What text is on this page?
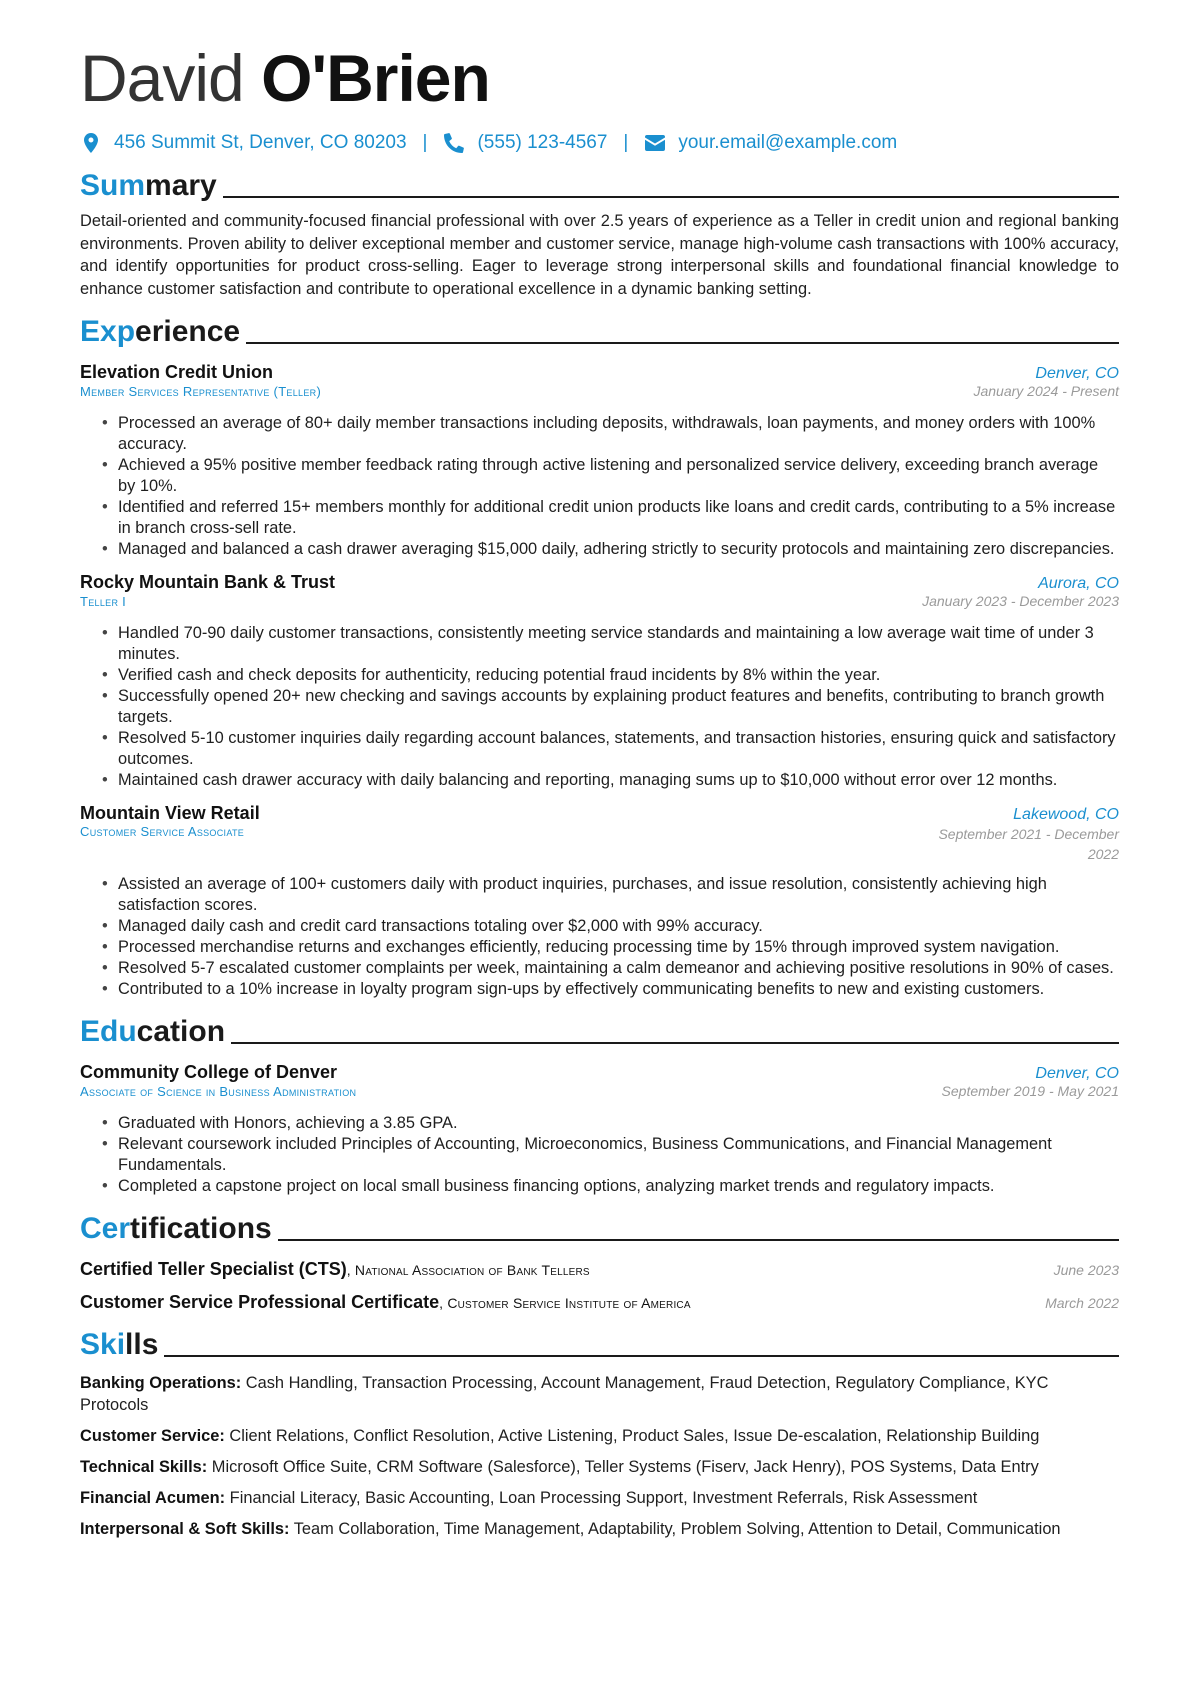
David O'Brien
456 Summit St, Denver, CO 80203 |	(555) 123-4567 |	your.email@example.com
Summary
Detail-oriented and community-focused financial professional with over 2.5 years of experience as a Teller in credit union and regional banking environments. Proven ability to deliver exceptional member and customer service, manage high-volume cash transactions with 100% accuracy, and identify opportunities for product cross-selling. Eager to leverage strong interpersonal skills and foundational financial knowledge to enhance customer satisfaction and contribute to operational excellence in a dynamic banking setting.
Experience
Elevation Credit Union	Denver, CO
Member Services Representative (Teller)	January 2024 - Present
• Processed an average of 80+ daily member transactions including deposits, withdrawals, loan payments, and money orders with 100% accuracy.
• Achieved a 95% positive member feedback rating through active listening and personalized service delivery, exceeding branch average by 10%.
• Identified and referred 15+ members monthly for additional credit union products like loans and credit cards, contributing to a 5% increase in branch cross-sell rate.
• Managed and balanced a cash drawer averaging $15,000 daily, adhering strictly to security protocols and maintaining zero discrepancies.
Rocky Mountain Bank & Trust	Aurora, CO
Teller I	January 2023 - December 2023
• Handled 70-90 daily customer transactions, consistently meeting service standards and maintaining a low average wait time of under 3 minutes.
• Verified cash and check deposits for authenticity, reducing potential fraud incidents by 8% within the year.
• Successfully opened 20+ new checking and savings accounts by explaining product features and benefits, contributing to branch growth targets.
• Resolved 5-10 customer inquiries daily regarding account balances, statements, and transaction histories, ensuring quick and satisfactory outcomes.
• Maintained cash drawer accuracy with daily balancing and reporting, managing sums up to $10,000 without error over 12 months.
Mountain View Retail	Lakewood, CO
Customer Service Associate	September 2021 - December 2022
• Assisted an average of 100+ customers daily with product inquiries, purchases, and issue resolution, consistently achieving high satisfaction scores.
• Managed daily cash and credit card transactions totaling over $2,000 with 99% accuracy.
• Processed merchandise returns and exchanges efficiently, reducing processing time by 15% through improved system navigation.
• Resolved 5-7 escalated customer complaints per week, maintaining a calm demeanor and achieving positive resolutions in 90% of cases.
• Contributed to a 10% increase in loyalty program sign-ups by effectively communicating benefits to new and existing customers.
Education
Community College of Denver	Denver, CO
Associate of Science in Business Administration	September 2019 - May 2021
• Graduated with Honors, achieving a 3.85 GPA.
• Relevant coursework included Principles of Accounting, Microeconomics, Business Communications, and Financial Management Fundamentals.
• Completed a capstone project on local small business financing options, analyzing market trends and regulatory impacts.
Certifications
Certified Teller Specialist (CTS), National Association of Bank Tellers	June 2023
Customer Service Professional Certificate, Customer Service Institute of America	March 2022
Skills
Banking Operations: Cash Handling, Transaction Processing, Account Management, Fraud Detection, Regulatory Compliance, KYC Protocols
Customer Service: Client Relations, Conflict Resolution, Active Listening, Product Sales, Issue De-escalation, Relationship Building
Technical Skills: Microsoft Office Suite, CRM Software (Salesforce), Teller Systems (Fiserv, Jack Henry), POS Systems, Data Entry
Financial Acumen: Financial Literacy, Basic Accounting, Loan Processing Support, Investment Referrals, Risk Assessment
Interpersonal & Soft Skills: Team Collaboration, Time Management, Adaptability, Problem Solving, Attention to Detail, Communication
